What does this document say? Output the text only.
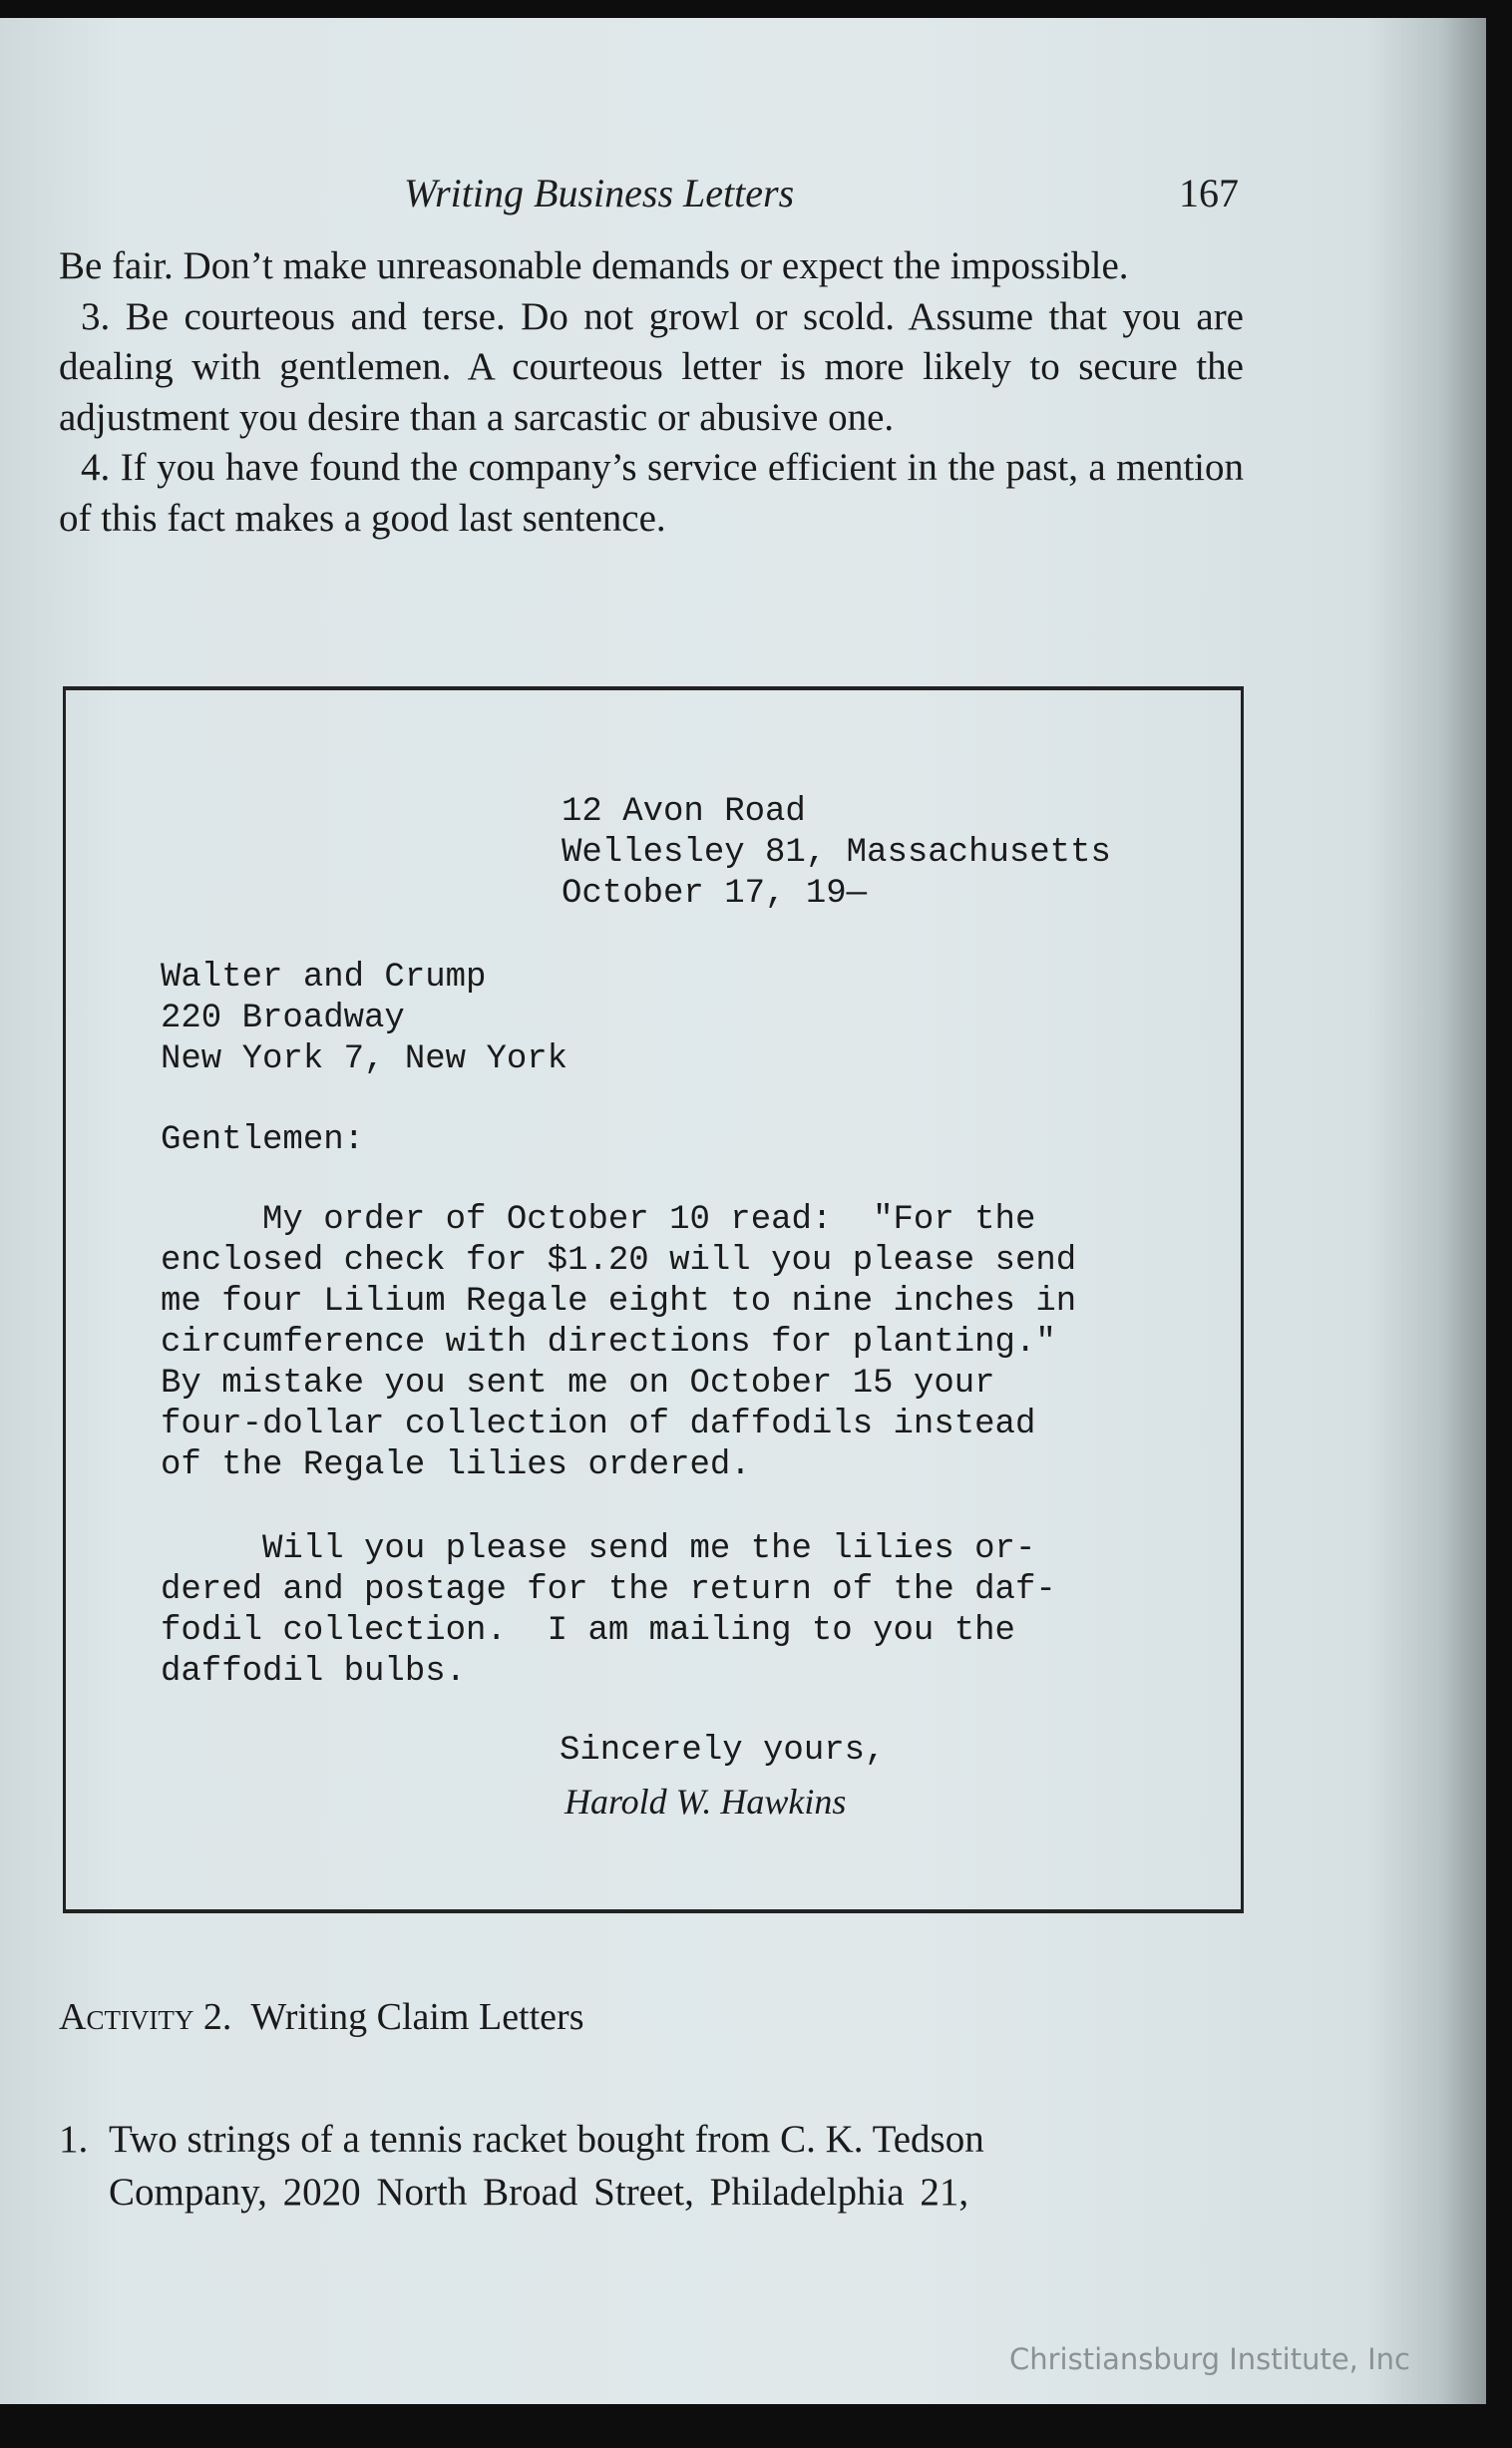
Writing Business Letters	167

Be fair. Don’t make unreasonable demands or expect the impossible.

3. Be courteous and terse. Do not growl or scold. Assume that you are dealing with gentlemen. A courteous letter is more likely to secure the adjustment you desire than a sarcastic or abusive one.

4. If you have found the company’s service efficient in the past, a mention of this fact makes a good last sentence.

12 Avon Road
Wellesley 81, Massachusetts
October 17, 19—
Walter and Crump
220 Broadway
New York 7, New York
Gentlemen:
My order of October 10 read:  "For the
enclosed check for $1.20 will you please send
me four Lilium Regale eight to nine inches in
circumference with directions for planting."
By mistake you sent me on October 15 your
four-dollar collection of daffodils instead
of the Regale lilies ordered.
Will you please send me the lilies or-
dered and postage for the return of the daf-
fodil collection.  I am mailing to you the
daffodil bulbs.
Sincerely yours,
Harold W. Hawkins
Activity 2. Writing Claim Letters
1. Two strings of a tennis racket bought from C. K. Tedson
Company, 2020 North Broad Street, Philadelphia 21,
Christiansburg Institute, Inc
